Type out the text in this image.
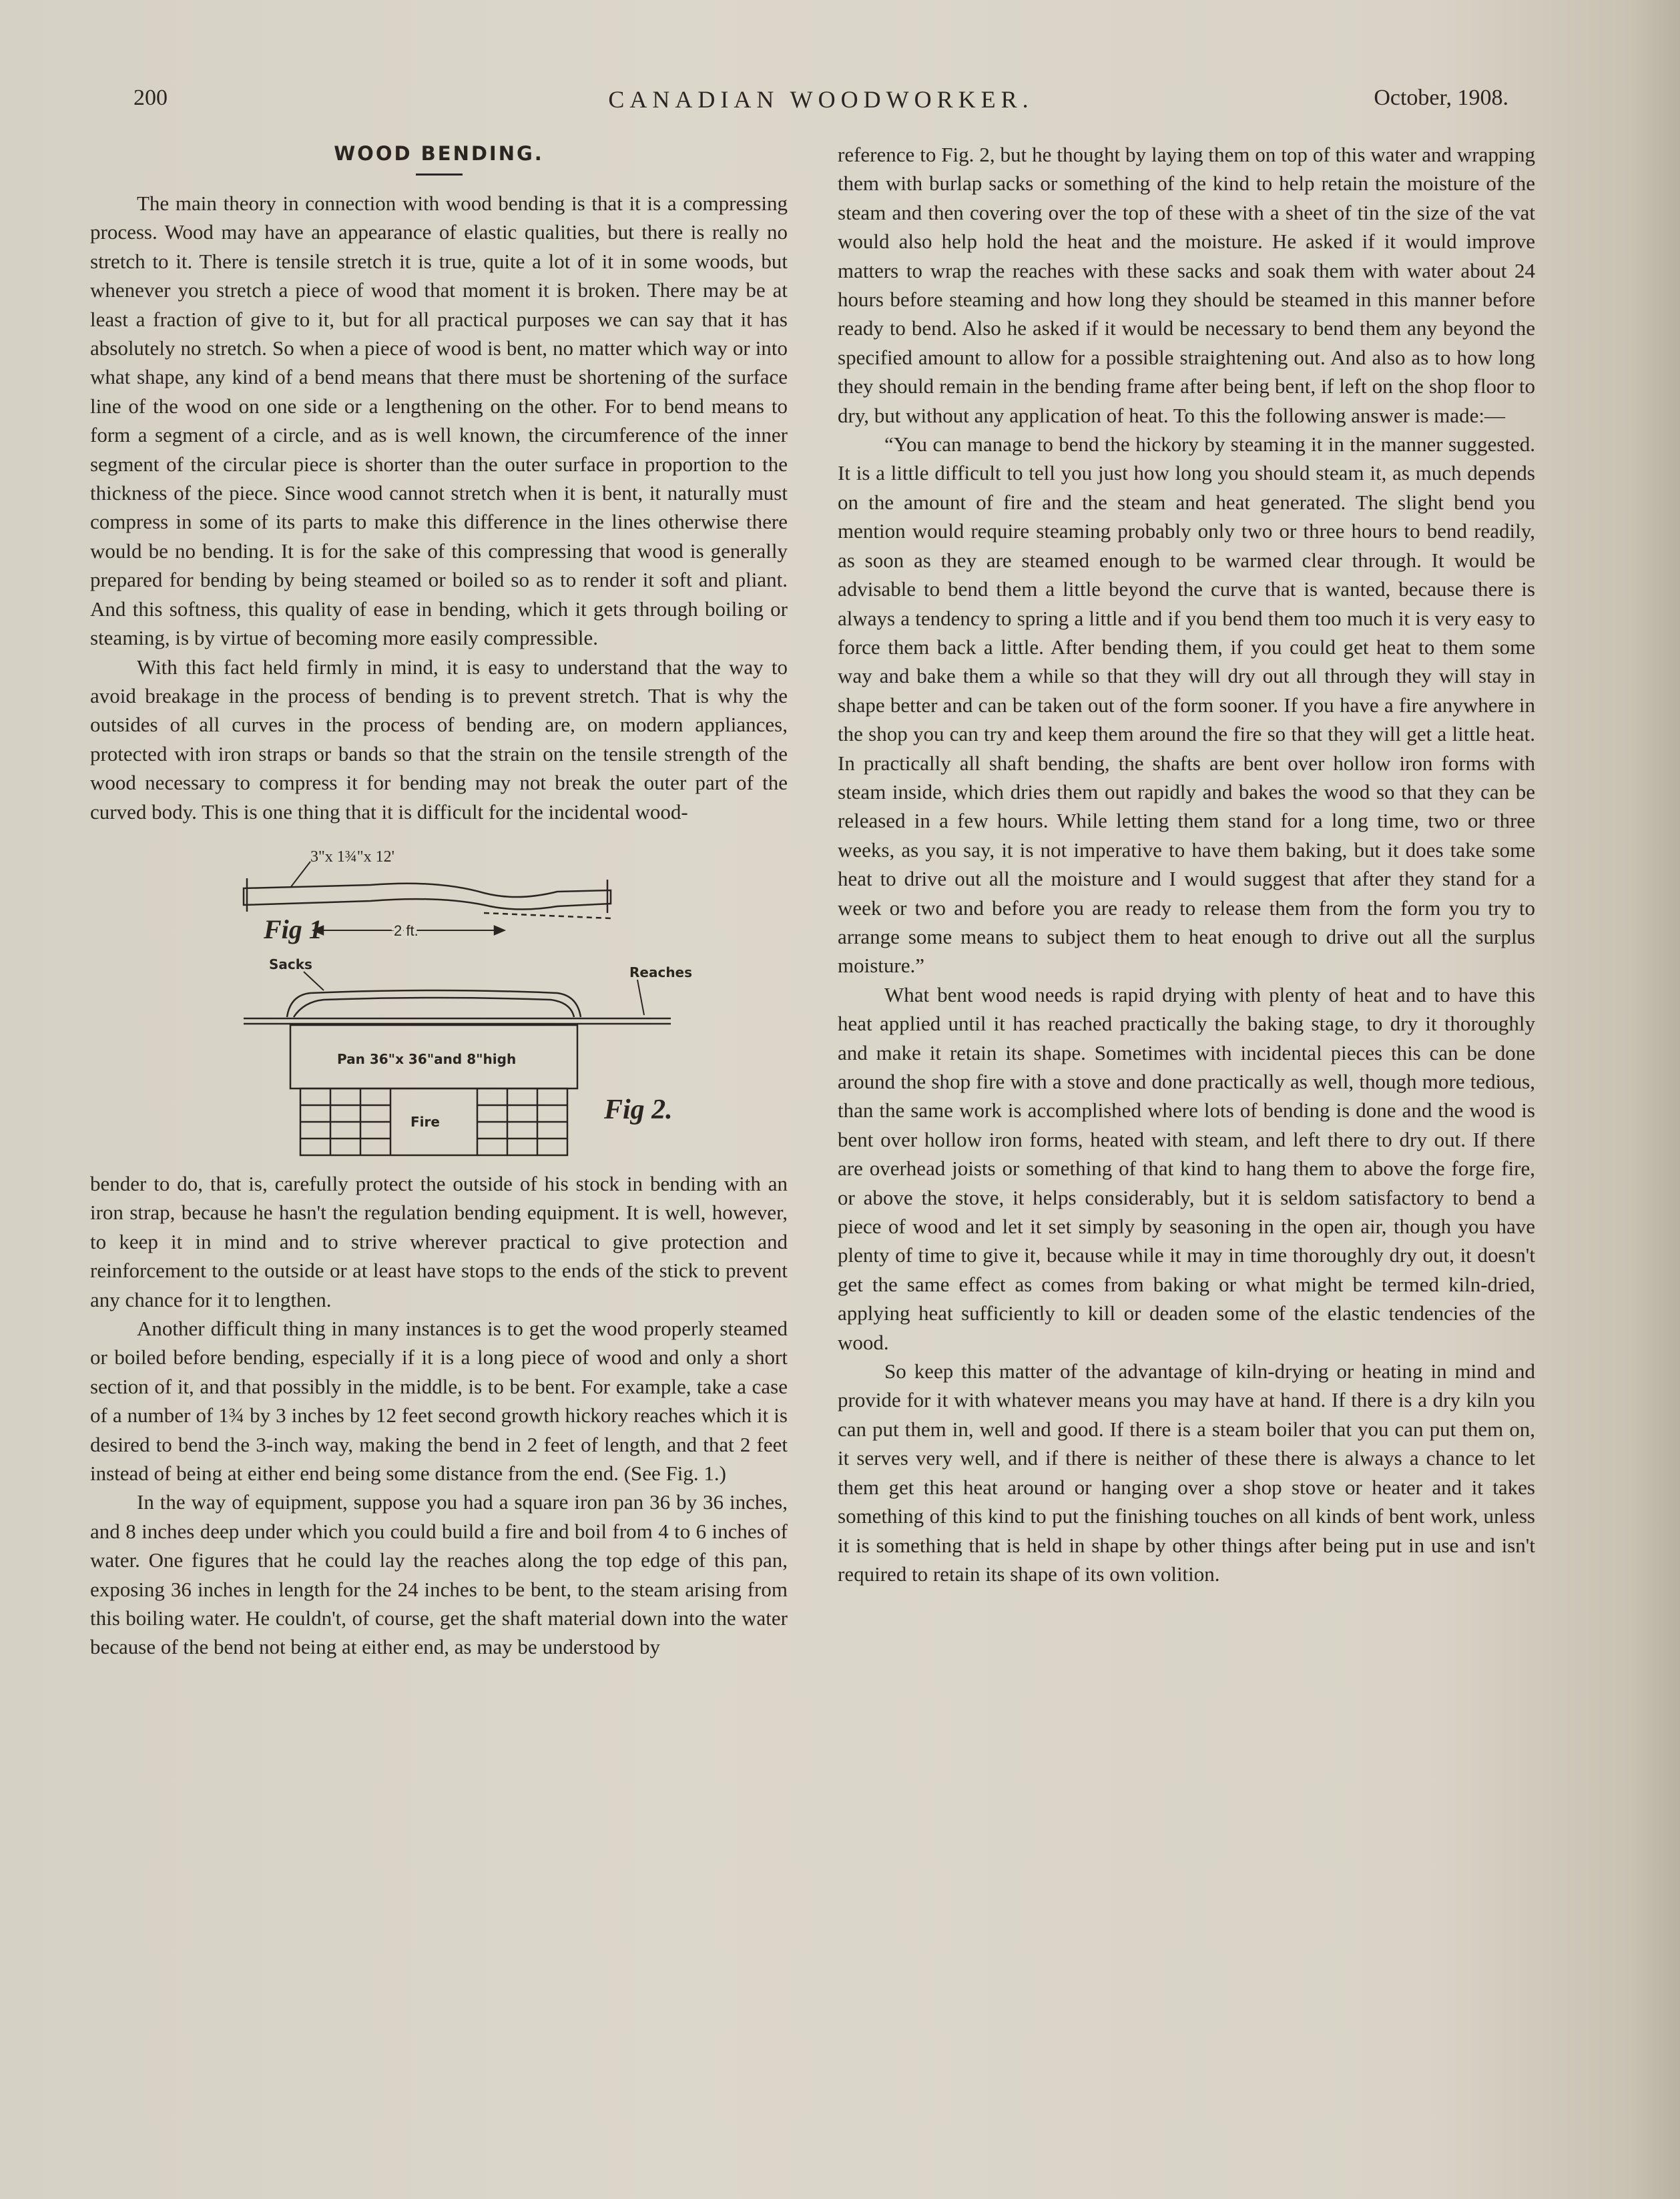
200	CANADIAN WOODWORKER.	October, 1908.
WOOD BENDING.

The main theory in connection with wood bending is that it is a compressing process. Wood may have an appearance of elastic qualities, but there is really no stretch to it. There is tensile stretch it is true, quite a lot of it in some woods, but whenever you stretch a piece of wood that moment it is broken. There may be at least a fraction of give to it, but for all practical purposes we can say that it has absolutely no stretch. So when a piece of wood is bent, no matter which way or into what shape, any kind of a bend means that there must be shortening of the surface line of the wood on one side or a lengthening on the other. For to bend means to form a segment of a circle, and as is well known, the circumference of the inner segment of the circular piece is shorter than the outer surface in proportion to the thickness of the piece. Since wood cannot stretch when it is bent, it naturally must compress in some of its parts to make this difference in the lines otherwise there would be no bending. It is for the sake of this compressing that wood is generally prepared for bending by being steamed or boiled so as to render it soft and pliant. And this softness, this quality of ease in bending, which it gets through boiling or steaming, is by virtue of becoming more easily compressible.

With this fact held firmly in mind, it is easy to understand that the way to avoid breakage in the process of bending is to prevent stretch. That is why the outsides of all curves in the process of bending are, on modern appliances, protected with iron straps or bands so that the strain on the tensile strength of the wood necessary to compress it for bending may not break the outer part of the curved body. This is one thing that it is difficult for the incidental wood-

3"x 1¾"x 12'
2 ft.
Fig 1
Sacks	Reaches
Pan 36"x 36"and 8"high
Fire	Fig 2.

bender to do, that is, carefully protect the outside of his stock in bending with an iron strap, because he hasn't the regulation bending equipment. It is well, however, to keep it in mind and to strive wherever practical to give protection and reinforcement to the outside or at least have stops to the ends of the stick to prevent any chance for it to lengthen.

Another difficult thing in many instances is to get the wood properly steamed or boiled before bending, especially if it is a long piece of wood and only a short section of it, and that possibly in the middle, is to be bent. For example, take a case of a number of 1¾ by 3 inches by 12 feet second growth hickory reaches which it is desired to bend the 3-inch way, making the bend in 2 feet of length, and that 2 feet instead of being at either end being some distance from the end. (See Fig. 1.)

In the way of equipment, suppose you had a square iron pan 36 by 36 inches, and 8 inches deep under which you could build a fire and boil from 4 to 6 inches of water. One figures that he could lay the reaches along the top edge of this pan, exposing 36 inches in length for the 24 inches to be bent, to the steam arising from this boiling water. He couldn't, of course, get the shaft material down into the water because of the bend not being at either end, as may be understood by

reference to Fig. 2, but he thought by laying them on top of this water and wrapping them with burlap sacks or something of the kind to help retain the moisture of the steam and then covering over the top of these with a sheet of tin the size of the vat would also help hold the heat and the moisture. He asked if it would improve matters to wrap the reaches with these sacks and soak them with water about 24 hours before steaming and how long they should be steamed in this manner before ready to bend. Also he asked if it would be necessary to bend them any beyond the specified amount to allow for a possible straightening out. And also as to how long they should remain in the bending frame after being bent, if left on the shop floor to dry, but without any application of heat. To this the following answer is made:—

“You can manage to bend the hickory by steaming it in the manner suggested. It is a little difficult to tell you just how long you should steam it, as much depends on the amount of fire and the steam and heat generated. The slight bend you mention would require steaming probably only two or three hours to bend readily, as soon as they are steamed enough to be warmed clear through. It would be advisable to bend them a little beyond the curve that is wanted, because there is always a tendency to spring a little and if you bend them too much it is very easy to force them back a little. After bending them, if you could get heat to them some way and bake them a while so that they will dry out all through they will stay in shape better and can be taken out of the form sooner. If you have a fire anywhere in the shop you can try and keep them around the fire so that they will get a little heat. In practically all shaft bending, the shafts are bent over hollow iron forms with steam inside, which dries them out rapidly and bakes the wood so that they can be released in a few hours. While letting them stand for a long time, two or three weeks, as you say, it is not imperative to have them baking, but it does take some heat to drive out all the moisture and I would suggest that after they stand for a week or two and before you are ready to release them from the form you try to arrange some means to subject them to heat enough to drive out all the surplus moisture.”

What bent wood needs is rapid drying with plenty of heat and to have this heat applied until it has reached practically the baking stage, to dry it thoroughly and make it retain its shape. Sometimes with incidental pieces this can be done around the shop fire with a stove and done practically as well, though more tedious, than the same work is accomplished where lots of bending is done and the wood is bent over hollow iron forms, heated with steam, and left there to dry out. If there are overhead joists or something of that kind to hang them to above the forge fire, or above the stove, it helps considerably, but it is seldom satisfactory to bend a piece of wood and let it set simply by seasoning in the open air, though you have plenty of time to give it, because while it may in time thoroughly dry out, it doesn't get the same effect as comes from baking or what might be termed kiln-dried, applying heat sufficiently to kill or deaden some of the elastic tendencies of the wood.

So keep this matter of the advantage of kiln-drying or heating in mind and provide for it with whatever means you may have at hand. If there is a dry kiln you can put them in, well and good. If there is a steam boiler that you can put them on, it serves very well, and if there is neither of these there is always a chance to let them get this heat around or hanging over a shop stove or heater and it takes something of this kind to put the finishing touches on all kinds of bent work, unless it is something that is held in shape by other things after being put in use and isn't required to retain its shape of its own volition.
